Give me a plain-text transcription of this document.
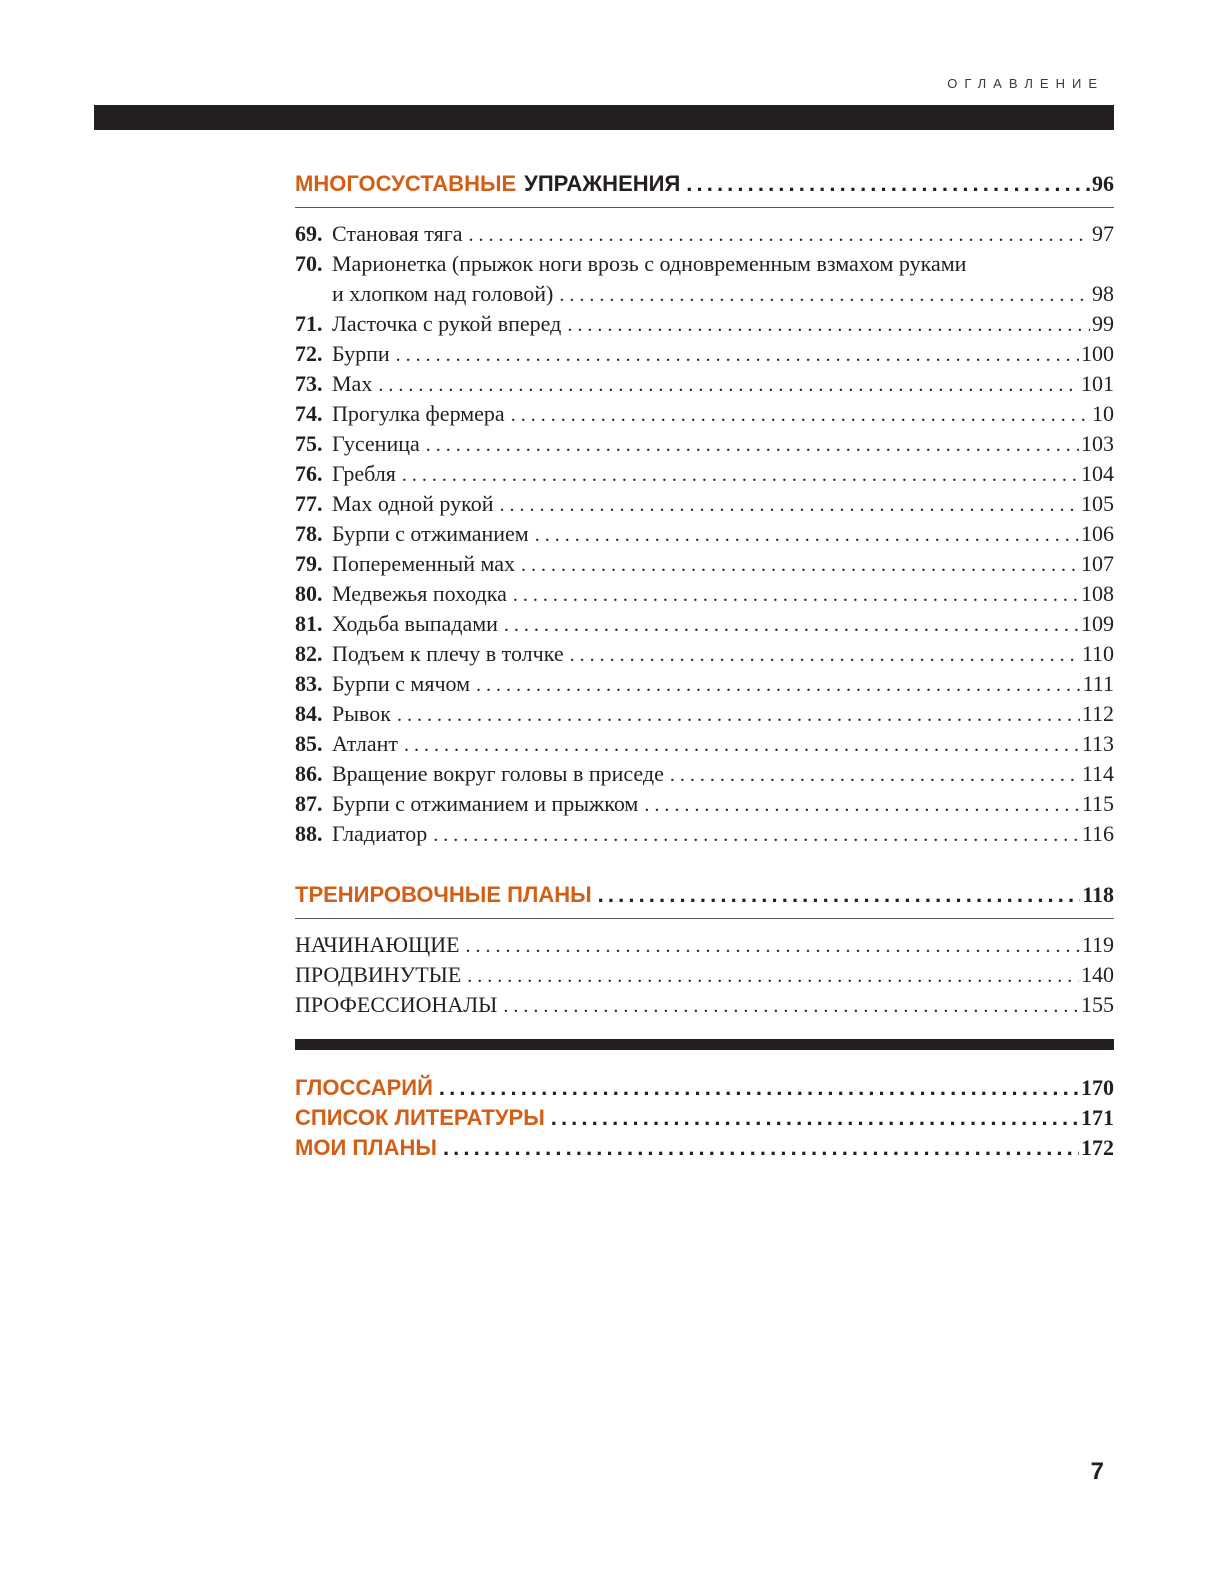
ОГЛАВЛЕНИЕ
МНОГОСУСТАВНЫЕ УПРАЖНЕНИЯ . . .	96
69. Становая тяга . . .	97
70. Марионетка (прыжок ноги врозь с одновременным взмахом руками
и хлопком над головой) . . .	98
71. Ласточка с рукой вперед . . .	99
72. Бурпи . . .	100
73. Мах . . .	101
74. Прогулка фермера . . .	10
75. Гусеница . . .	103
76. Гребля . . .	104
77. Мах одной рукой . . .	105
78. Бурпи с отжиманием . . .	106
79. Попеременный мах . . .	107
80. Медвежья походка . . .	108
81. Ходьба выпадами . . .	109
82. Подъем к плечу в толчке . . .	110
83. Бурпи с мячом . . .	111
84. Рывок . . .	112
85. Атлант . . .	113
86. Вращение вокруг головы в приседе . . .	114
87. Бурпи с отжиманием и прыжком . . .	115
88. Гладиатор . . .	116
ТРЕНИРОВОЧНЫЕ ПЛАНЫ . . .	118
НАЧИНАЮЩИЕ . . .	119
ПРОДВИНУТЫЕ . . .	140
ПРОФЕССИОНАЛЫ . . .	155
ГЛОССАРИЙ . . .	170
СПИСОК ЛИТЕРАТУРЫ . . .	171
МОИ ПЛАНЫ . . .	172
7
